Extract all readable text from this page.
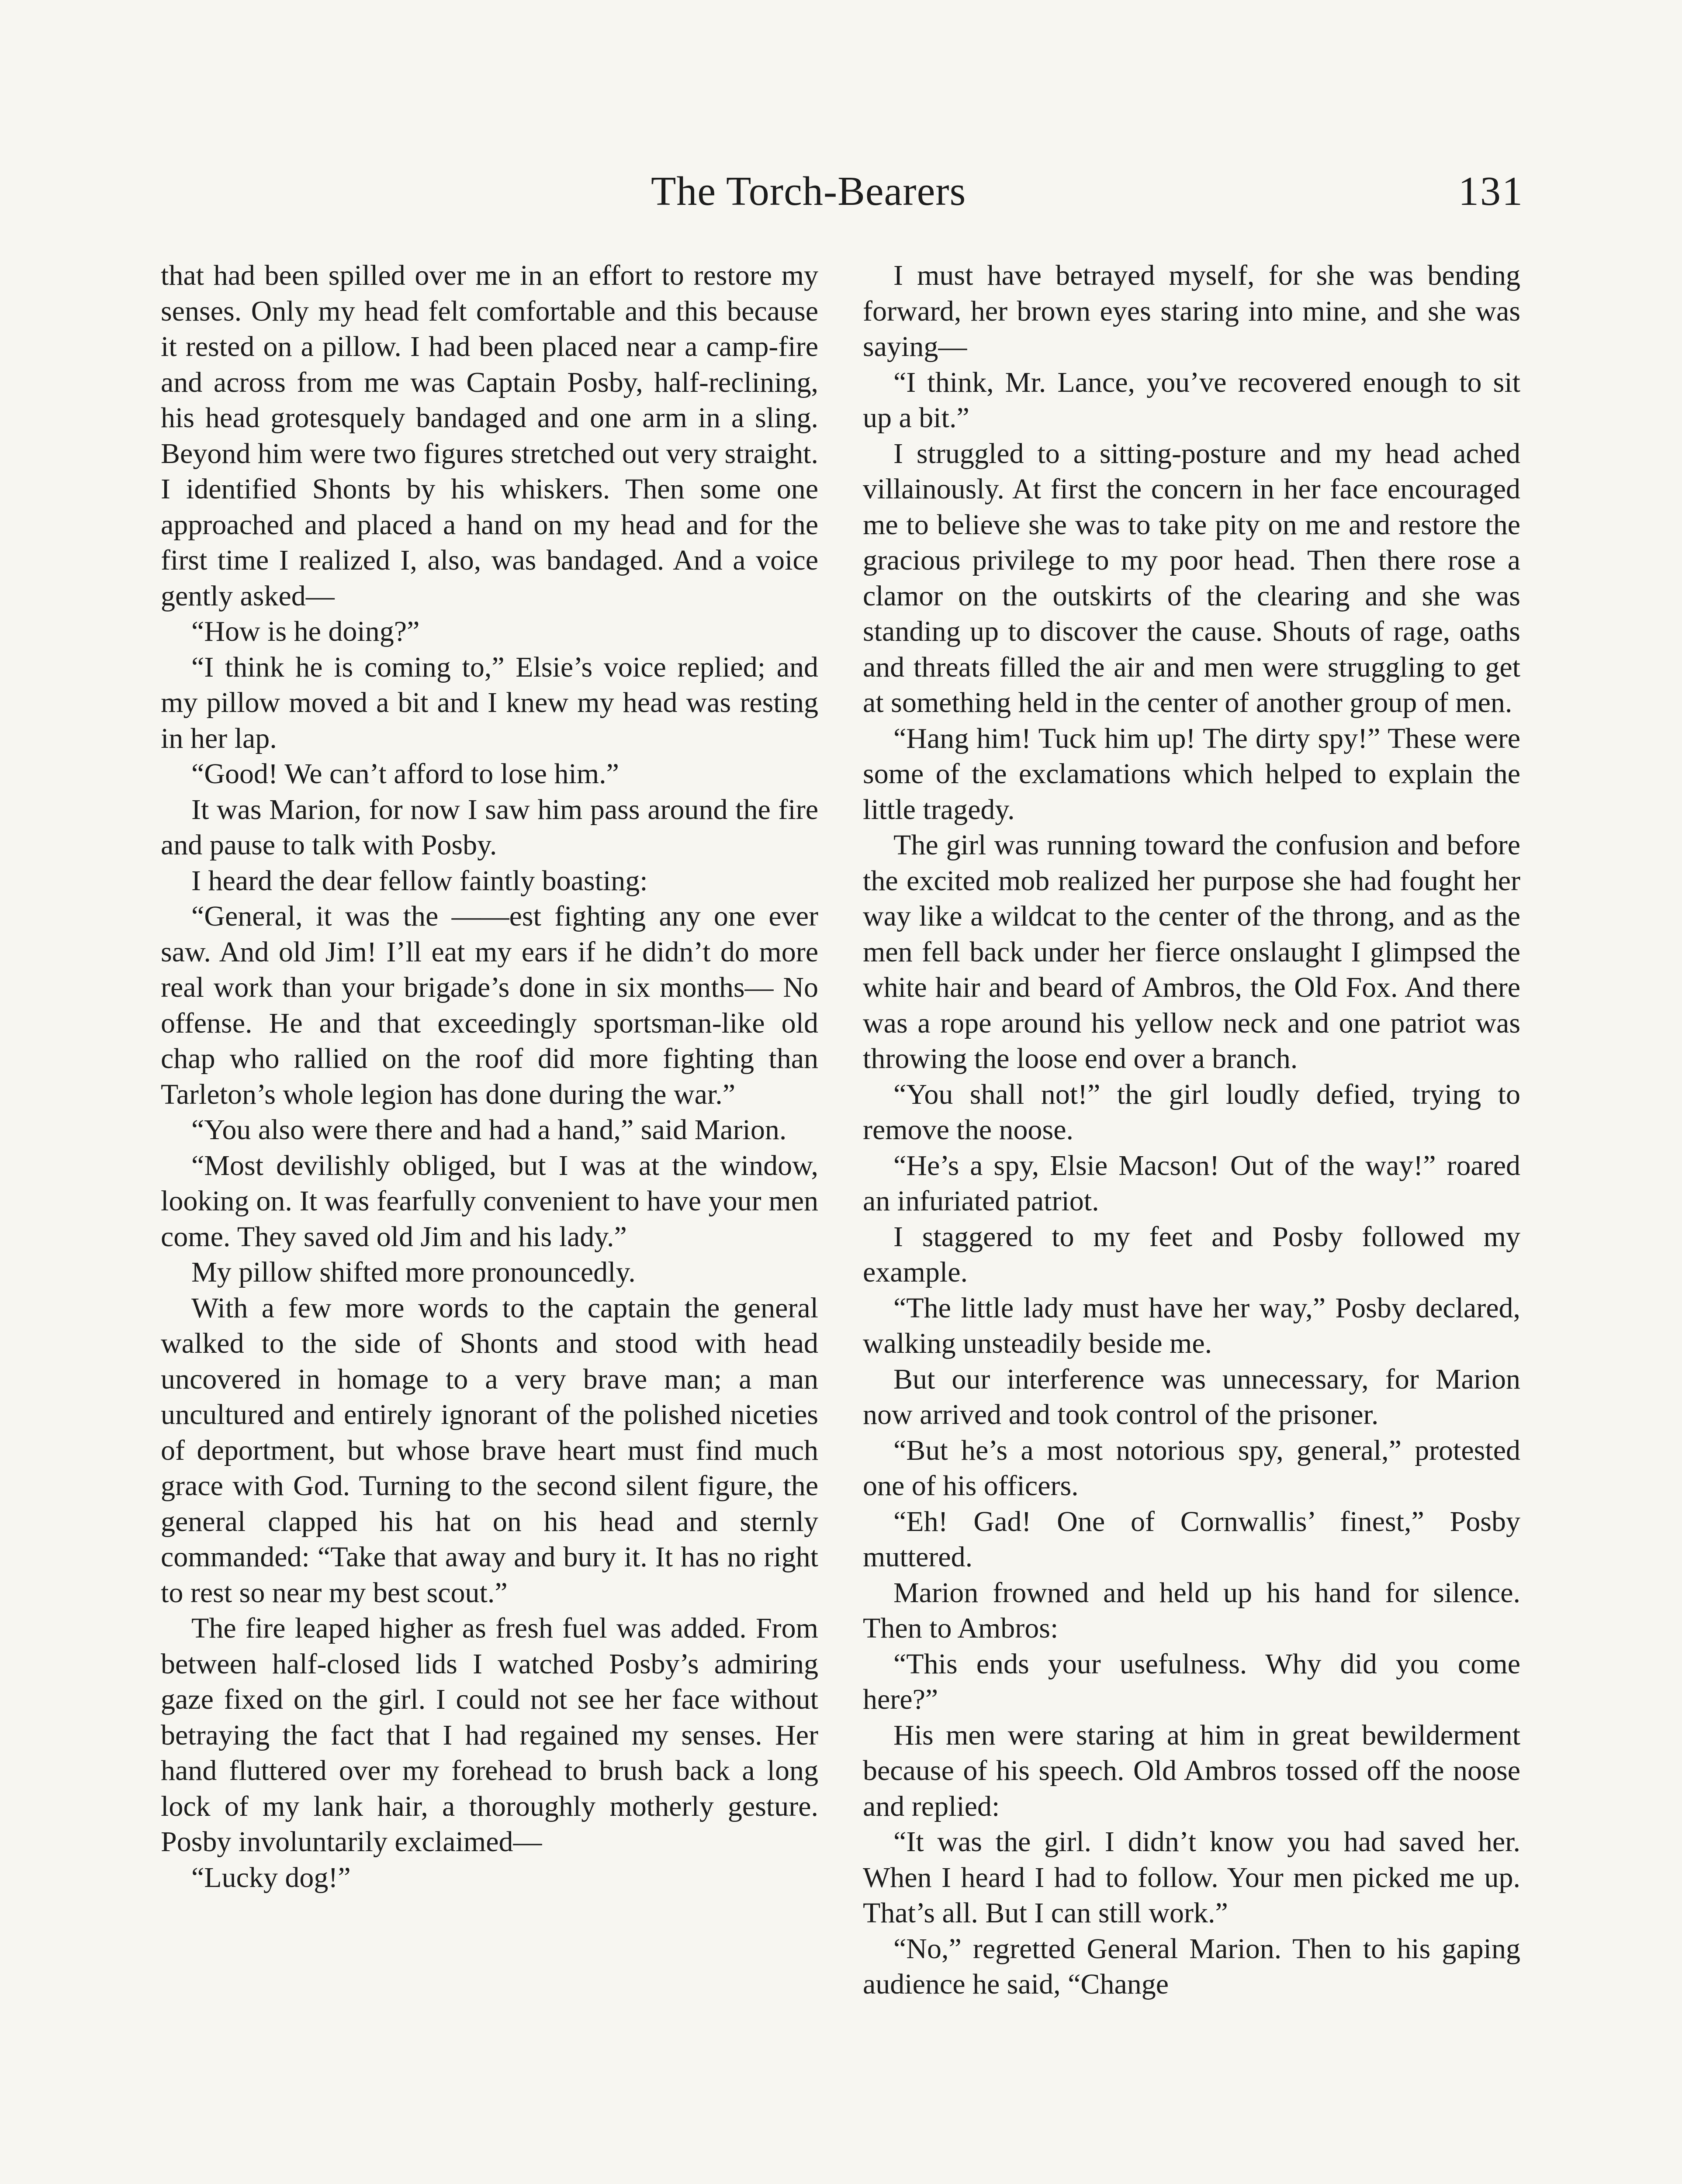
The Torch-Bearers	131

that had been spilled over me in an effort to restore my senses. Only my head felt comfortable and this because it rested on a pillow. I had been placed near a camp-fire and across from me was Captain Posby, half-reclining, his head grotesquely bandaged and one arm in a sling. Beyond him were two figures stretched out very straight. I identified Shonts by his whiskers. Then some one approached and placed a hand on my head and for the first time I realized I, also, was bandaged. And a voice gently asked—

“How is he doing?”

“I think he is coming to,” Elsie’s voice replied; and my pillow moved a bit and I knew my head was resting in her lap.

“Good! We can’t afford to lose him.”

It was Marion, for now I saw him pass around the fire and pause to talk with Posby.

I heard the dear fellow faintly boasting:

“General, it was the ——est fighting any one ever saw. And old Jim! I’ll eat my ears if he didn’t do more real work than your brigade’s done in six months— No offense. He and that exceedingly sportsman-like old chap who rallied on the roof did more fighting than Tarleton’s whole legion has done during the war.”

“You also were there and had a hand,” said Marion.

“Most devilishly obliged, but I was at the window, looking on. It was fearfully convenient to have your men come. They saved old Jim and his lady.”

My pillow shifted more pronouncedly.

With a few more words to the captain the general walked to the side of Shonts and stood with head uncovered in homage to a very brave man; a man uncultured and entirely ignorant of the polished niceties of deportment, but whose brave heart must find much grace with God. Turning to the second silent figure, the general clapped his hat on his head and sternly commanded: “Take that away and bury it. It has no right to rest so near my best scout.”

The fire leaped higher as fresh fuel was added. From between half-closed lids I watched Posby’s admiring gaze fixed on the girl. I could not see her face without betraying the fact that I had regained my senses. Her hand fluttered over my forehead to brush back a long lock of my lank hair, a thoroughly motherly gesture. Posby involuntarily exclaimed—

“Lucky dog!”

I must have betrayed myself, for she was bending forward, her brown eyes staring into mine, and she was saying—

“I think, Mr. Lance, you’ve recovered enough to sit up a bit.”

I struggled to a sitting-posture and my head ached villainously. At first the concern in her face encouraged me to believe she was to take pity on me and restore the gracious privilege to my poor head. Then there rose a clamor on the outskirts of the clearing and she was standing up to discover the cause. Shouts of rage, oaths and threats filled the air and men were struggling to get at something held in the center of another group of men.

“Hang him! Tuck him up! The dirty spy!” These were some of the exclamations which helped to explain the little tragedy.

The girl was running toward the confusion and before the excited mob realized her purpose she had fought her way like a wildcat to the center of the throng, and as the men fell back under her fierce onslaught I glimpsed the white hair and beard of Ambros, the Old Fox. And there was a rope around his yellow neck and one patriot was throwing the loose end over a branch.

“You shall not!” the girl loudly defied, trying to remove the noose.

“He’s a spy, Elsie Macson! Out of the way!” roared an infuriated patriot.

I staggered to my feet and Posby followed my example.

“The little lady must have her way,” Posby declared, walking unsteadily beside me.

But our interference was unnecessary, for Marion now arrived and took control of the prisoner.

“But he’s a most notorious spy, general,” protested one of his officers.

“Eh! Gad! One of Cornwallis’ finest,” Posby muttered.

Marion frowned and held up his hand for silence. Then to Ambros:

“This ends your usefulness. Why did you come here?”

His men were staring at him in great bewilderment because of his speech. Old Ambros tossed off the noose and replied:

“It was the girl. I didn’t know you had saved her. When I heard I had to follow. Your men picked me up. That’s all. But I can still work.”

“No,” regretted General Marion. Then to his gaping audience he said, “Change
